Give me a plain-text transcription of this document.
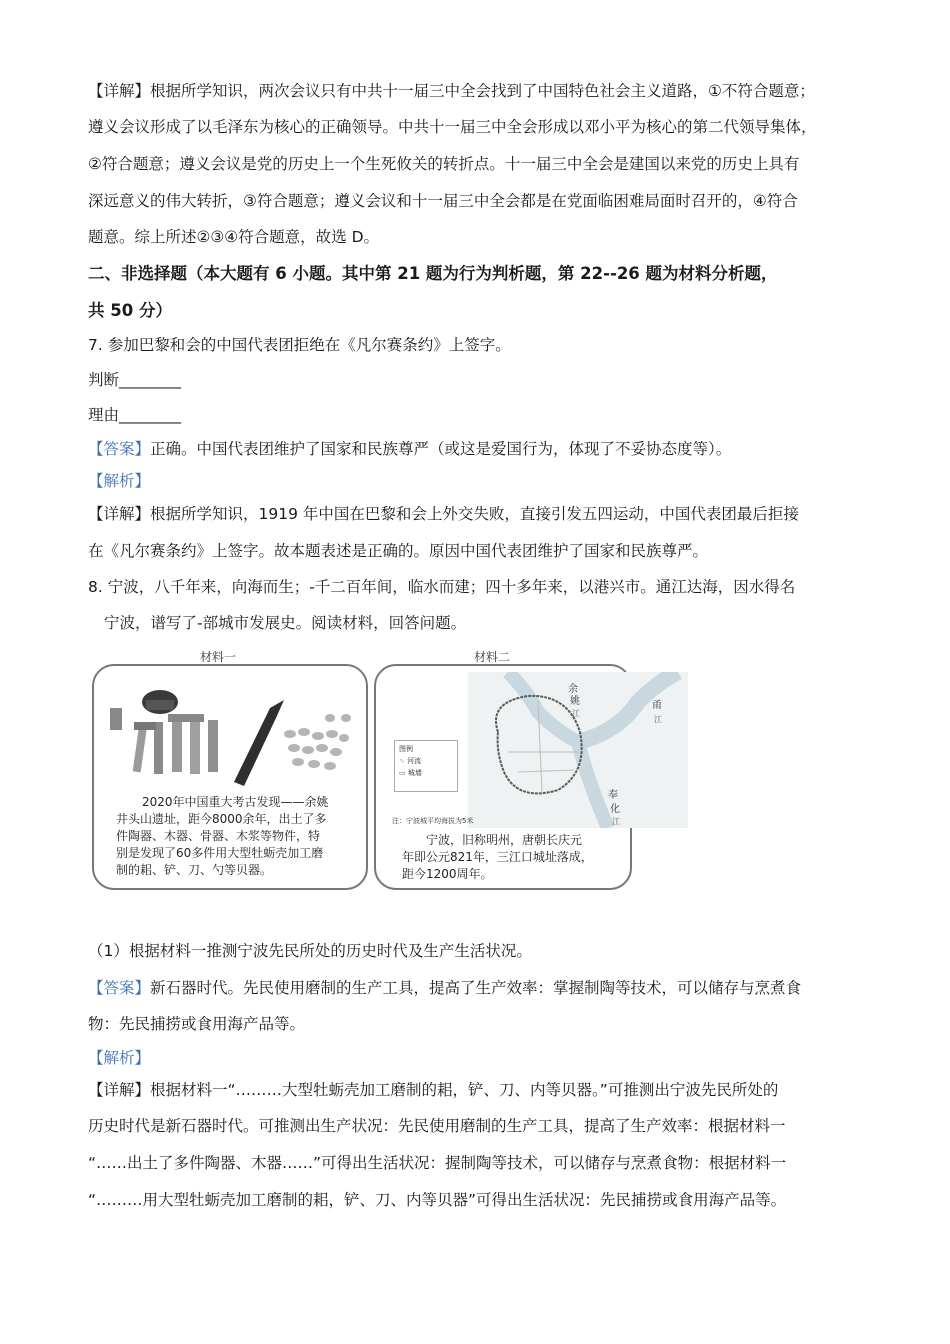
【详解】根据所学知识，两次会议只有中共十一届三中全会找到了中国特色社会主义道路，①不符合题意；
遵义会议形成了以毛泽东为核心的正确领导。中共十一届三中全会形成以邓小平为核心的第二代领导集体，
②符合题意；遵义会议是党的历史上一个生死攸关的转折点。十一届三中全会是建国以来党的历史上具有
深远意义的伟大转折，③符合题意；遵义会议和十一届三中全会都是在党面临困难局面时召开的，④符合
题意。综上所述②③④符合题意，故选 D。
二、非选择题（本大题有 6 小题。其中第 21 题为行为判析题，第 22--26 题为材料分析题，
共 50 分）
7. 参加巴黎和会的中国代表团拒绝在《凡尔赛条约》上签字。
判断________
理由________
【答案】正确。中国代表团维护了国家和民族尊严（或这是爱国行为，体现了不妥协态度等）。
【解析】
【详解】根据所学知识，1919 年中国在巴黎和会上外交失败，直接引发五四运动，中国代表团最后拒接
在《凡尔赛条约》上签字。故本题表述是正确的。原因中国代表团维护了国家和民族尊严。
8. 宁波，八千年来，向海而生；-千二百年间，临水而建；四十多年来，以港兴市。通江达海，因水得名
宁波，谱写了-部城市发展史。阅读材料，回答问题。
（1）根据材料一推测宁波先民所处的历史时代及生产生活状况。
【答案】新石器时代。先民使用磨制的生产工具，提高了生产效率：掌握制陶等技术，可以储存与烹煮食
物：先民捕捞或食用海产品等。
【解析】
【详解】根据材料一“………大型牡蛎壳加工磨制的耜，铲、刀、内等贝器。”可推测出宁波先民所处的
历史时代是新石器时代。可推测出生产状况：先民使用磨制的生产工具，提高了生产效率：根据材料一
“……出土了多件陶器、木器……”可得出生活状况：握制陶等技术，可以储存与烹煮食物：根据材料一
“………用大型牡蛎壳加工磨制的耜，铲、刀、内等贝器”可得出生活状况：先民捕捞或食用海产品等。
材料一	材料二
2020年中国重大考古发现——余姚
井头山遗址，距今8000余年，出土了多
件陶器、木器、骨器、木浆等物件，特
别是发现了60多件用大型牡蛎壳加工磨
制的耜、铲、刀、勺等贝器。
余
姚
江
甬
江
奉
化
江
图例
∿ 河流
▭ 城墙
注：宁波城平均海拔为5米
宁波，旧称明州，唐朝长庆元
年即公元821年，三江口城址落成，
距今1200周年。
